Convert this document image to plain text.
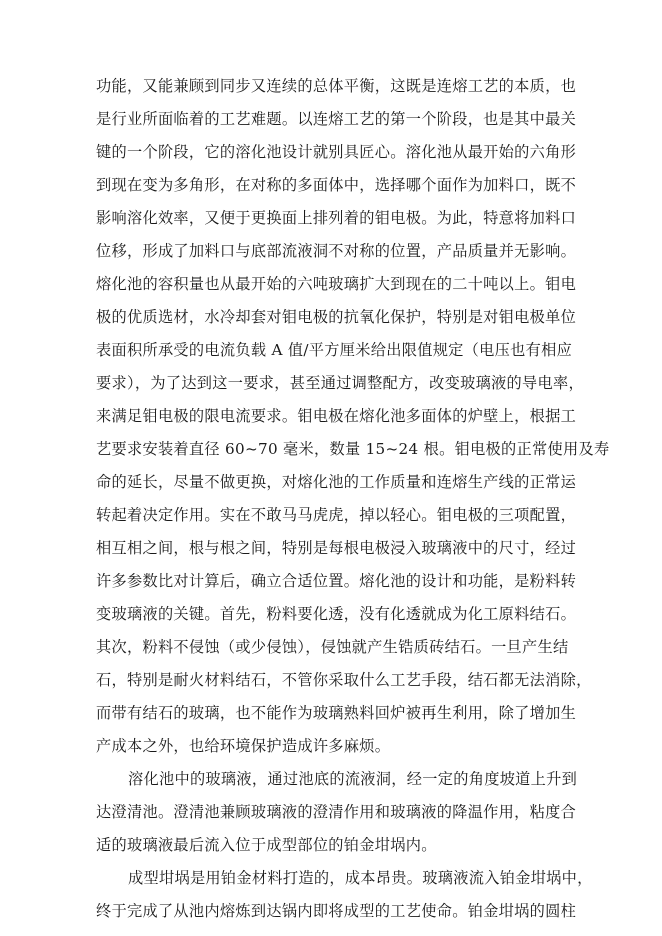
功能，又能兼顾到同步又连续的总体平衡，这既是连熔工艺的本质，也
是行业所面临着的工艺难题。以连熔工艺的第一个阶段，也是其中最关
键的一个阶段，它的溶化池设计就别具匠心。溶化池从最开始的六角形
到现在变为多角形，在对称的多面体中，选择哪个面作为加料口，既不
影响溶化效率，又便于更换面上排列着的钼电极。为此，特意将加料口
位移，形成了加料口与底部流液洞不对称的位置，产品质量并无影响。
熔化池的容积量也从最开始的六吨玻璃扩大到现在的二十吨以上。钼电
极的优质选材，水冷却套对钼电极的抗氧化保护，特别是对钼电极单位
表面积所承受的电流负载 A 值/平方厘米给出限值规定（电压也有相应
要求），为了达到这一要求，甚至通过调整配方，改变玻璃液的导电率，
来满足钼电极的限电流要求。钼电极在熔化池多面体的炉壁上，根据工
艺要求安装着直径 60~70 毫米，数量 15~24 根。钼电极的正常使用及寿
命的延长，尽量不做更换，对熔化池的工作质量和连熔生产线的正常运
转起着决定作用。实在不敢马马虎虎，掉以轻心。钼电极的三项配置，
相互相之间，根与根之间，特别是每根电极浸入玻璃液中的尺寸，经过
许多参数比对计算后，确立合适位置。熔化池的设计和功能，是粉料转
变玻璃液的关键。首先，粉料要化透，没有化透就成为化工原料结石。
其次，粉料不侵蚀（或少侵蚀），侵蚀就产生锆质砖结石。一旦产生结
石，特别是耐火材料结石，不管你采取什么工艺手段，结石都无法消除，
而带有结石的玻璃，也不能作为玻璃熟料回炉被再生利用，除了增加生
产成本之外，也给环境保护造成许多麻烦。
溶化池中的玻璃液，通过池底的流液洞，经一定的角度坡道上升到
达澄清池。澄清池兼顾玻璃液的澄清作用和玻璃液的降温作用，粘度合
适的玻璃液最后流入位于成型部位的铂金坩埚内。
成型坩埚是用铂金材料打造的，成本昂贵。玻璃液流入铂金坩埚中，
终于完成了从池内熔炼到达锅内即将成型的工艺使命。铂金坩埚的圆柱
